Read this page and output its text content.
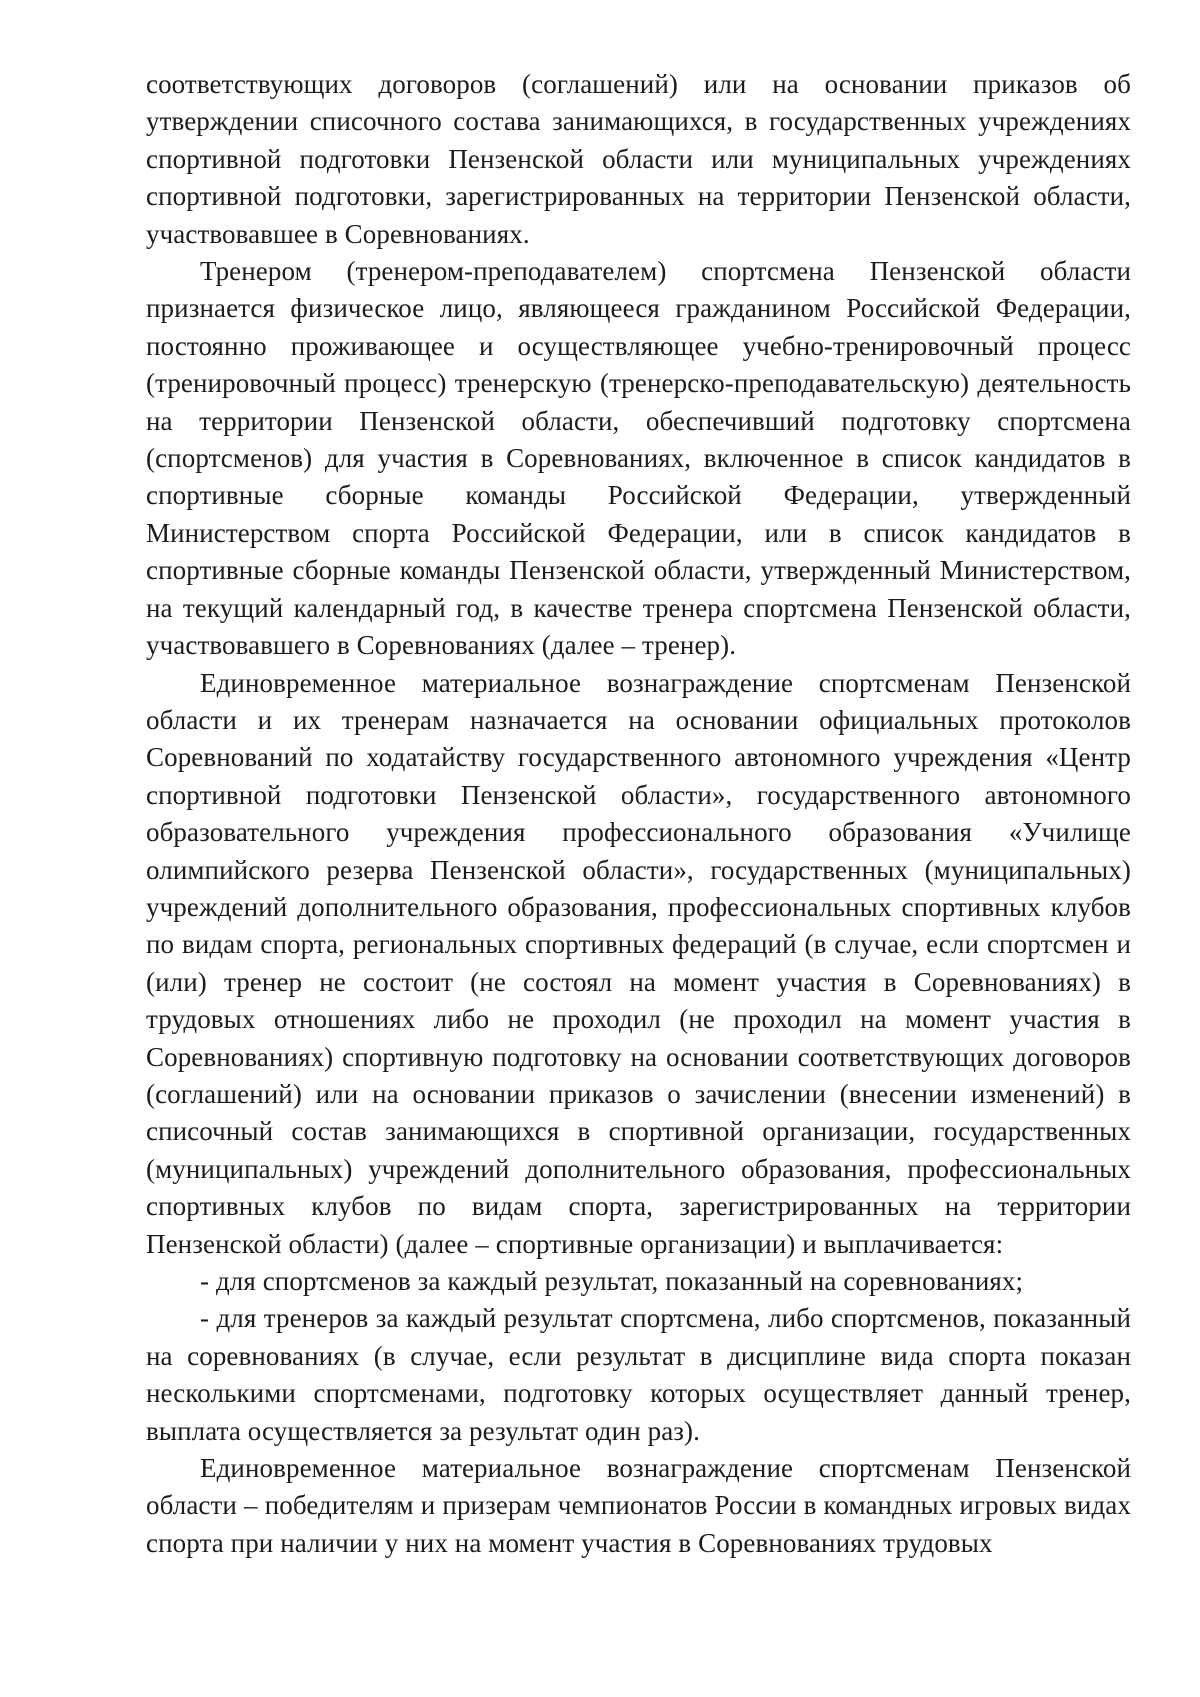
соответствующих договоров (соглашений) или на основании приказов об утверждении списочного состава занимающихся, в государственных учреждениях спортивной подготовки Пензенской области или муниципальных учреждениях спортивной подготовки, зарегистрированных на территории Пензенской области, участвовавшее в Соревнованиях.

Тренером (тренером-преподавателем) спортсмена Пензенской области признается физическое лицо, являющееся гражданином Российской Федерации, постоянно проживающее и осуществляющее учебно-тренировочный процесс (тренировочный процесс) тренерскую (тренерско-преподавательскую) деятельность на территории Пензенской области, обеспечивший подготовку спортсмена (спортсменов) для участия в Соревнованиях, включенное в список кандидатов в спортивные сборные команды Российской Федерации, утвержденный Министерством спорта Российской Федерации, или в список кандидатов в спортивные сборные команды Пензенской области, утвержденный Министерством, на текущий календарный год, в качестве тренера спортсмена Пензенской области, участвовавшего в Соревнованиях (далее – тренер).

Единовременное материальное вознаграждение спортсменам Пензенской области и их тренерам назначается на основании официальных протоколов Соревнований по ходатайству государственного автономного учреждения «Центр спортивной подготовки Пензенской области», государственного автономного образовательного учреждения профессионального образования «Училище олимпийского резерва Пензенской области», государственных (муниципальных) учреждений дополнительного образования, профессиональных спортивных клубов по видам спорта, региональных спортивных федераций (в случае, если спортсмен и (или) тренер не состоит (не состоял на момент участия в Соревнованиях) в трудовых отношениях либо не проходил (не проходил на момент участия в Соревнованиях) спортивную подготовку на основании соответствующих договоров (соглашений) или на основании приказов о зачислении (внесении изменений) в списочный состав занимающихся в спортивной организации, государственных (муниципальных) учреждений дополнительного образования, профессиональных спортивных клубов по видам спорта, зарегистрированных на территории Пензенской области) (далее – спортивные организации) и выплачивается:

- для спортсменов за каждый результат, показанный на соревнованиях;

- для тренеров за каждый результат спортсмена, либо спортсменов, показанный на соревнованиях (в случае, если результат в дисциплине вида спорта показан несколькими спортсменами, подготовку которых осуществляет данный тренер, выплата осуществляется за результат один раз).

Единовременное материальное вознаграждение спортсменам Пензенской области – победителям и призерам чемпионатов России в командных игровых видах спорта при наличии у них на момент участия в Соревнованиях трудовых
